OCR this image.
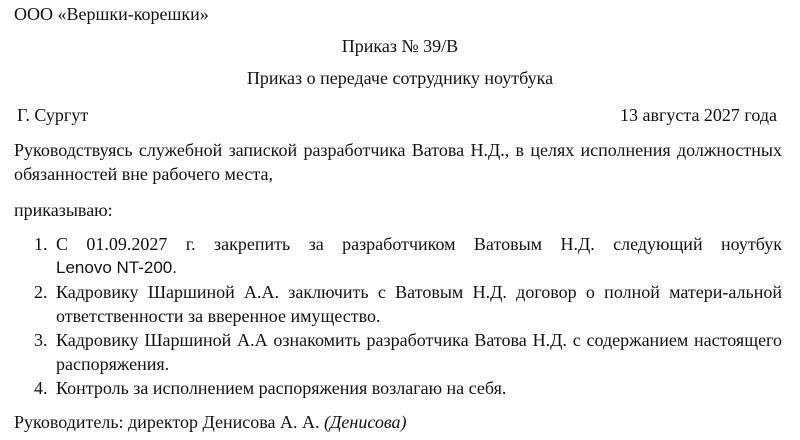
ООО «Вершки-корешки»
Приказ № 39/В
Приказ о передаче сотруднику ноутбука
Г. Сургут	13 августа 2027 года
Руководствуясь служебной запиской разработчика Ватова Н.Д., в целях исполнения должностных обязанностей вне рабочего места,
приказываю:
1. С 01.09.2027 г. закрепить за разработчиком Ватовым Н.Д. следующий ноутбук
Lenovo NT-200.
2. Кадровику Шаршиной А.А. заключить с Ватовым Н.Д. договор о полной матери-альной ответственности за вверенное имущество.
3. Кадровику Шаршиной А.А ознакомить разработчика Ватова Н.Д. с содержанием настоящего распоряжения.
4. Контроль за исполнением распоряжения возлагаю на себя.
Руководитель: директор Денисова А. А. (Денисова)
